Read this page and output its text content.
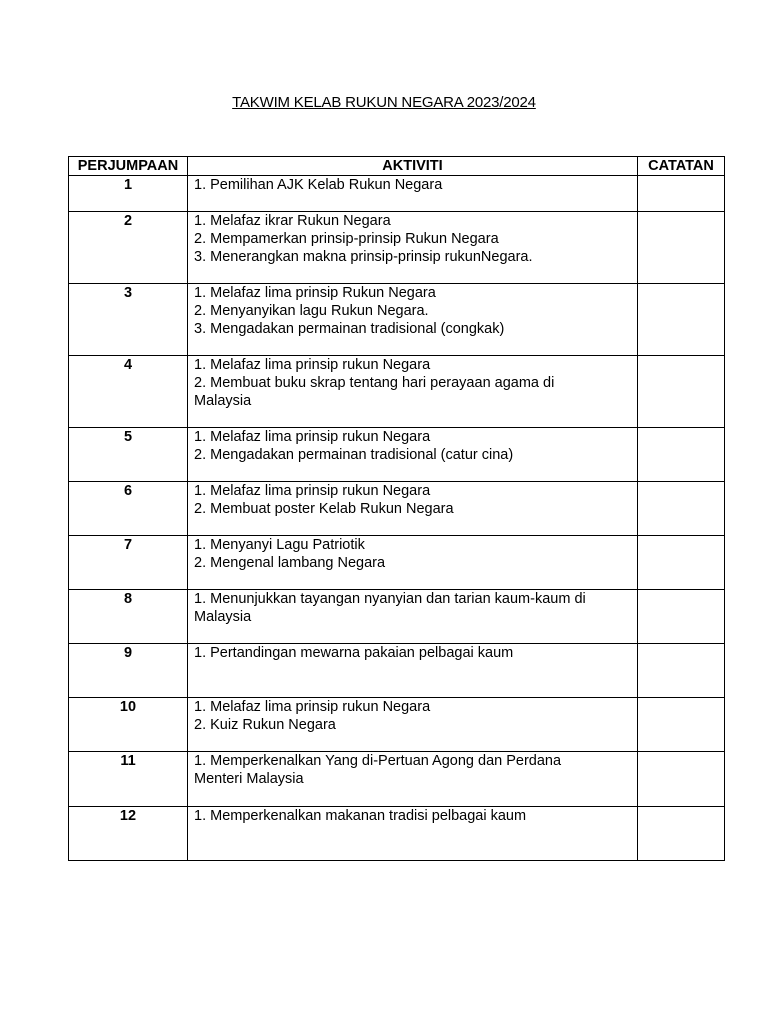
TAKWIM KELAB RUKUN NEGARA 2023/2024
PERJUMPAAN	AKTIVITI	CATATAN
1	1. Pemilihan AJK Kelab Rukun Negara	

2	1. Melafaz ikrar Rukun Negara
2. Mempamerkan prinsip-prinsip Rukun Negara
3. Menerangkan makna prinsip-prinsip rukunNegara.	

3	1. Melafaz lima prinsip Rukun Negara
2. Menyanyikan lagu Rukun Negara.
3. Mengadakan permainan tradisional (congkak)	

4	1. Melafaz lima prinsip rukun Negara
2. Membuat buku skrap tentang hari perayaan agama di
Malaysia	

5	1. Melafaz lima prinsip rukun Negara
2. Mengadakan permainan tradisional (catur cina)	

6	1. Melafaz lima prinsip rukun Negara
2. Membuat poster Kelab Rukun Negara	

7	1. Menyanyi Lagu Patriotik
2. Mengenal lambang Negara	

8	1. Menunjukkan tayangan nyanyian dan tarian kaum-kaum di
Malaysia	

9	1. Pertandingan mewarna pakaian pelbagai kaum	

10	1. Melafaz lima prinsip rukun Negara
2. Kuiz Rukun Negara	

11	1. Memperkenalkan Yang di-Pertuan Agong dan Perdana
Menteri Malaysia	

12	1. Memperkenalkan makanan tradisi pelbagai kaum	
